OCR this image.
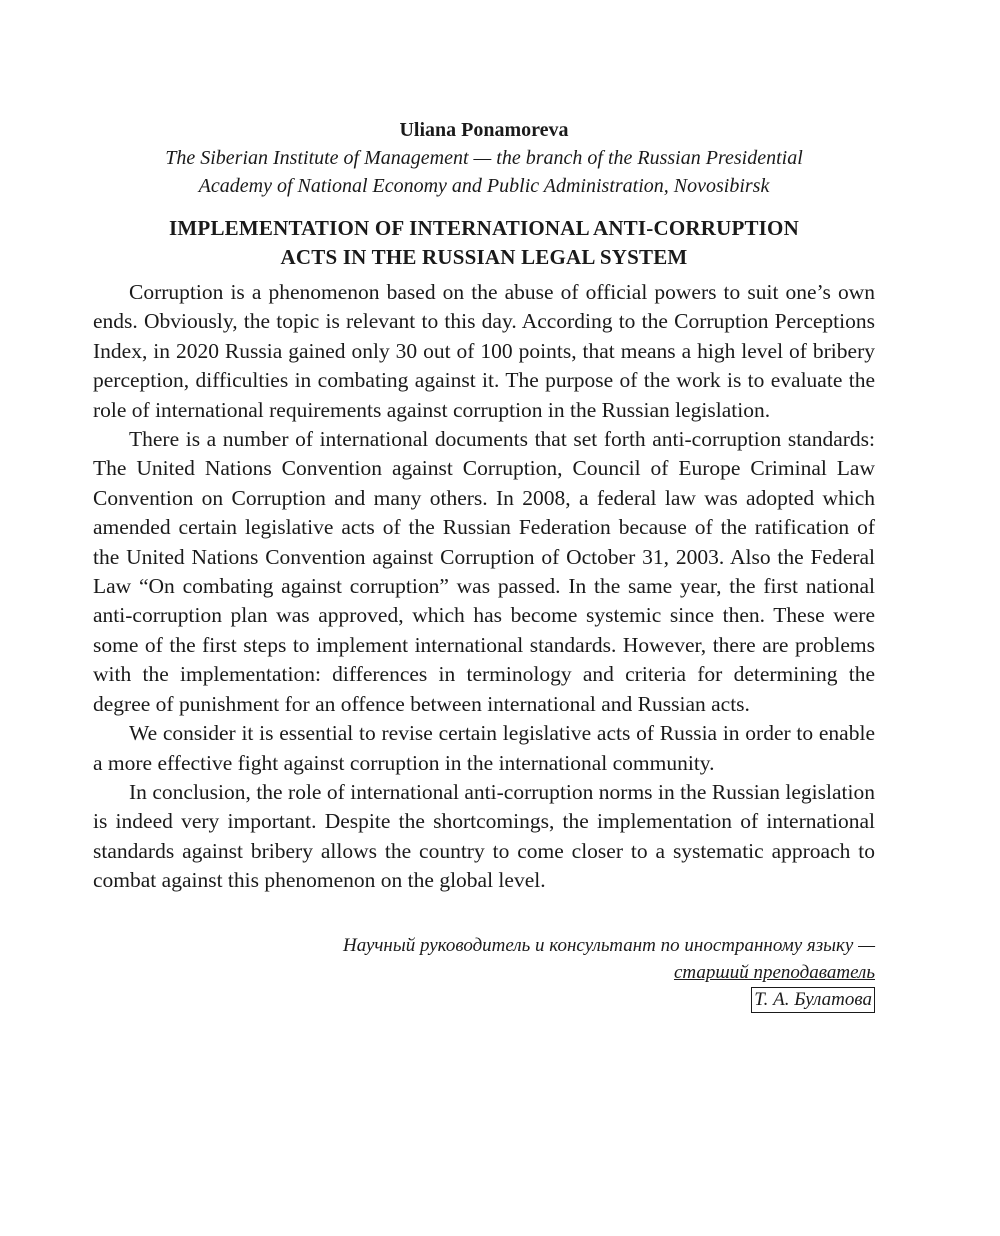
Uliana Ponamoreva

The Siberian Institute of Management — the branch of the Russian Presidential

Academy of National Economy and Public Administration, Novosibirsk

IMPLEMENTATION OF INTERNATIONAL ANTI-CORRUPTION
ACTS IN THE RUSSIAN LEGAL SYSTEM

Corruption is a phenomenon based on the abuse of official powers to suit one’s own ends. Obviously, the topic is relevant to this day. According to the Corruption Perceptions Index, in 2020 Russia gained only 30 out of 100 points, that means a high level of bribery perception, difficulties in combating against it. The purpose of the work is to evaluate the role of international requirements against corruption in the Russian legislation.

There is a number of international documents that set forth anti-corruption standards: The United Nations Convention against Corruption, Council of Europe Criminal Law Convention on Corruption and many others. In 2008, a federal law was adopted which amended certain legislative acts of the Russian Federation because of the ratification of the United Nations Convention against Corruption of October 31, 2003. Also the Federal Law “On combating against corruption” was passed. In the same year, the first national anti-corruption plan was approved, which has become systemic since then. These were some of the first steps to implement international standards. However, there are problems with the implementation: differences in terminology and criteria for determining the degree of punishment for an offence between international and Russian acts.

We consider it is essential to revise certain legislative acts of Russia in order to enable a more effective fight against corruption in the international community.

In conclusion, the role of international anti-corruption norms in the Russian legislation is indeed very important. Despite the shortcomings, the implementation of international standards against bribery allows the country to come closer to a systematic approach to combat against this phenomenon on the global level.

Научный руководитель и консультант по иностранному языку —
старший преподаватель
Т. А. Булатова
